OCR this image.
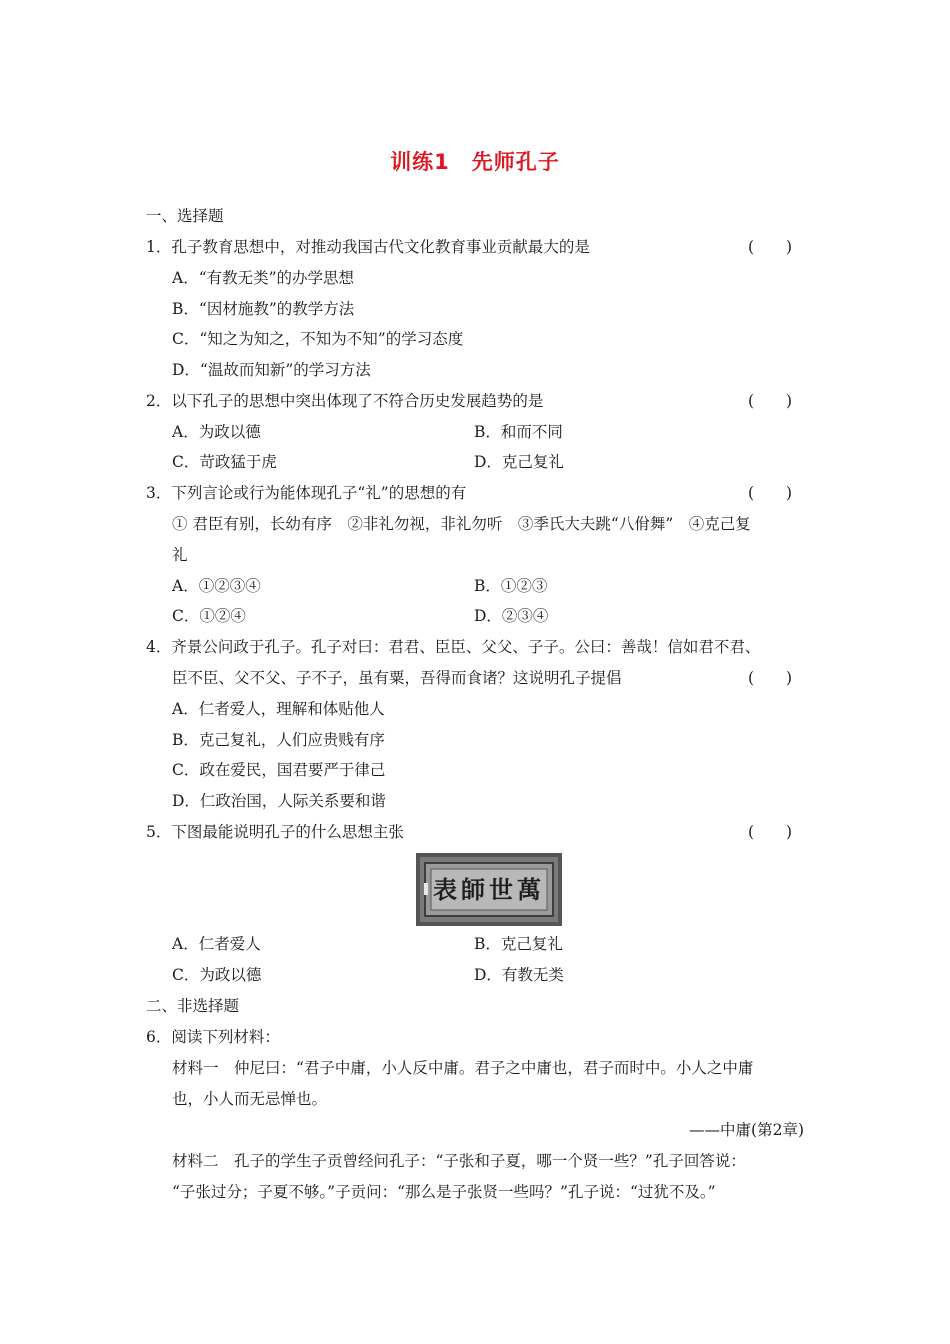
训练1　先师孔子
一、选择题
1．孔子教育思想中，对推动我国古代文化教育事业贡献最大的是	( )
A．“有教无类”的办学思想
B．“因材施教”的教学方法
C．“知之为知之，不知为不知”的学习态度
D．“温故而知新”的学习方法
2．以下孔子的思想中突出体现了不符合历史发展趋势的是	( )
A．为政以德	B．和而不同
C．苛政猛于虎	D．克己复礼
3．下列言论或行为能体现孔子“礼”的思想的有	( )
① 君臣有别，长幼有序　②非礼勿视，非礼勿听　③季氏大夫跳“八佾舞”　④克己复
礼
A．①②③④	B．①②③
C．①②④	D．②③④
4．齐景公问政于孔子。孔子对曰：君君、臣臣、父父、子子。公曰：善哉！信如君不君、
臣不臣、父不父、子不子，虽有粟，吾得而食诸？这说明孔子提倡	( )
A．仁者爱人，理解和体贴他人
B．克己复礼，人们应贵贱有序
C．政在爱民，国君要严于律己
D．仁政治国，人际关系要和谐
5．下图最能说明孔子的什么思想主张	( )
表師世萬
A．仁者爱人	B．克己复礼
C．为政以德	D．有教无类
二、非选择题
6．阅读下列材料：
材料一　仲尼曰：“君子中庸，小人反中庸。君子之中庸也，君子而时中。小人之中庸
也，小人而无忌惮也。
——中庸(第2章)
材料二　孔子的学生子贡曾经问孔子：“子张和子夏，哪一个贤一些？”孔子回答说：
“子张过分；子夏不够。”子贡问：“那么是子张贤一些吗？”孔子说：“过犹不及。”
